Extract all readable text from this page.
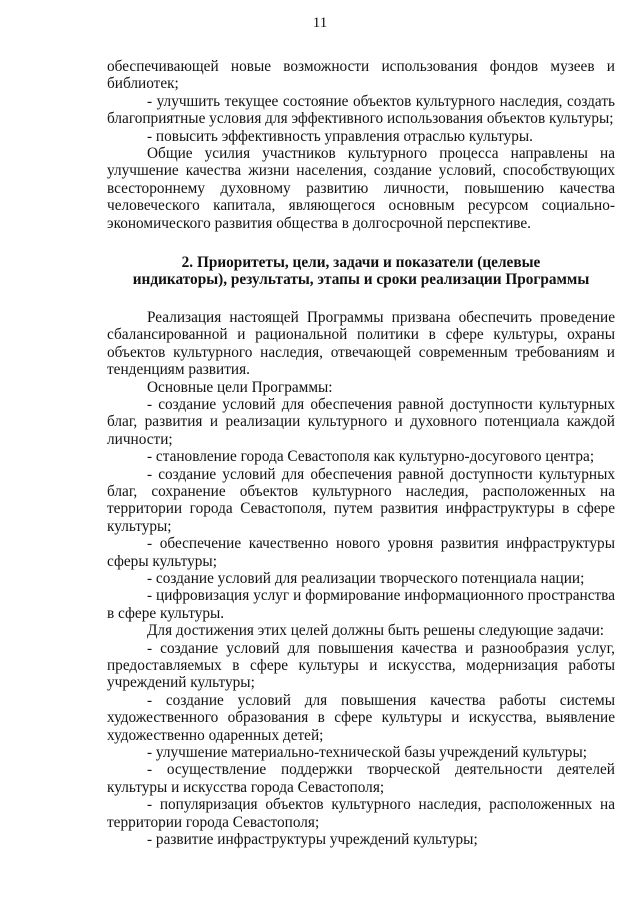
11

обеспечивающей новые возможности использования фондов музеев и библиотек;

- улучшить текущее состояние объектов культурного наследия, создать благоприятные условия для эффективного использования объектов культуры;

- повысить эффективность управления отраслью культуры.

Общие усилия участников культурного процесса направлены на улучшение качества жизни населения, создание условий, способствующих всестороннему духовному развитию личности, повышению качества человеческого капитала, являющегося основным ресурсом социально-экономического развития общества в долгосрочной перспективе.

2. Приоритеты, цели, задачи и показатели (целевые
индикаторы), результаты, этапы и сроки реализации Программы

Реализация настоящей Программы призвана обеспечить проведение сбалансированной и рациональной политики в сфере культуры, охраны объектов культурного наследия, отвечающей современным требованиям и тенденциям развития.

Основные цели Программы:

- создание условий для обеспечения равной доступности культурных благ, развития и реализации культурного и духовного потенциала каждой личности;

- становление города Севастополя как культурно-досугового центра;

- создание условий для обеспечения равной доступности культурных благ, сохранение объектов культурного наследия, расположенных на территории города Севастополя, путем развития инфраструктуры в сфере культуры;

- обеспечение качественно нового уровня развития инфраструктуры сферы культуры;

- создание условий для реализации творческого потенциала нации;

- цифровизация услуг и формирование информационного пространства в сфере культуры.

Для достижения этих целей должны быть решены следующие задачи:

- создание условий для повышения качества и разнообразия услуг, предоставляемых в сфере культуры и искусства, модернизация работы учреждений культуры;

- создание условий для повышения качества работы системы художественного образования в сфере культуры и искусства, выявление художественно одаренных детей;

- улучшение материально-технической базы учреждений культуры;

- осуществление поддержки творческой деятельности деятелей культуры и искусства города Севастополя;

- популяризация объектов культурного наследия, расположенных на территории города Севастополя;

- развитие инфраструктуры учреждений культуры;
